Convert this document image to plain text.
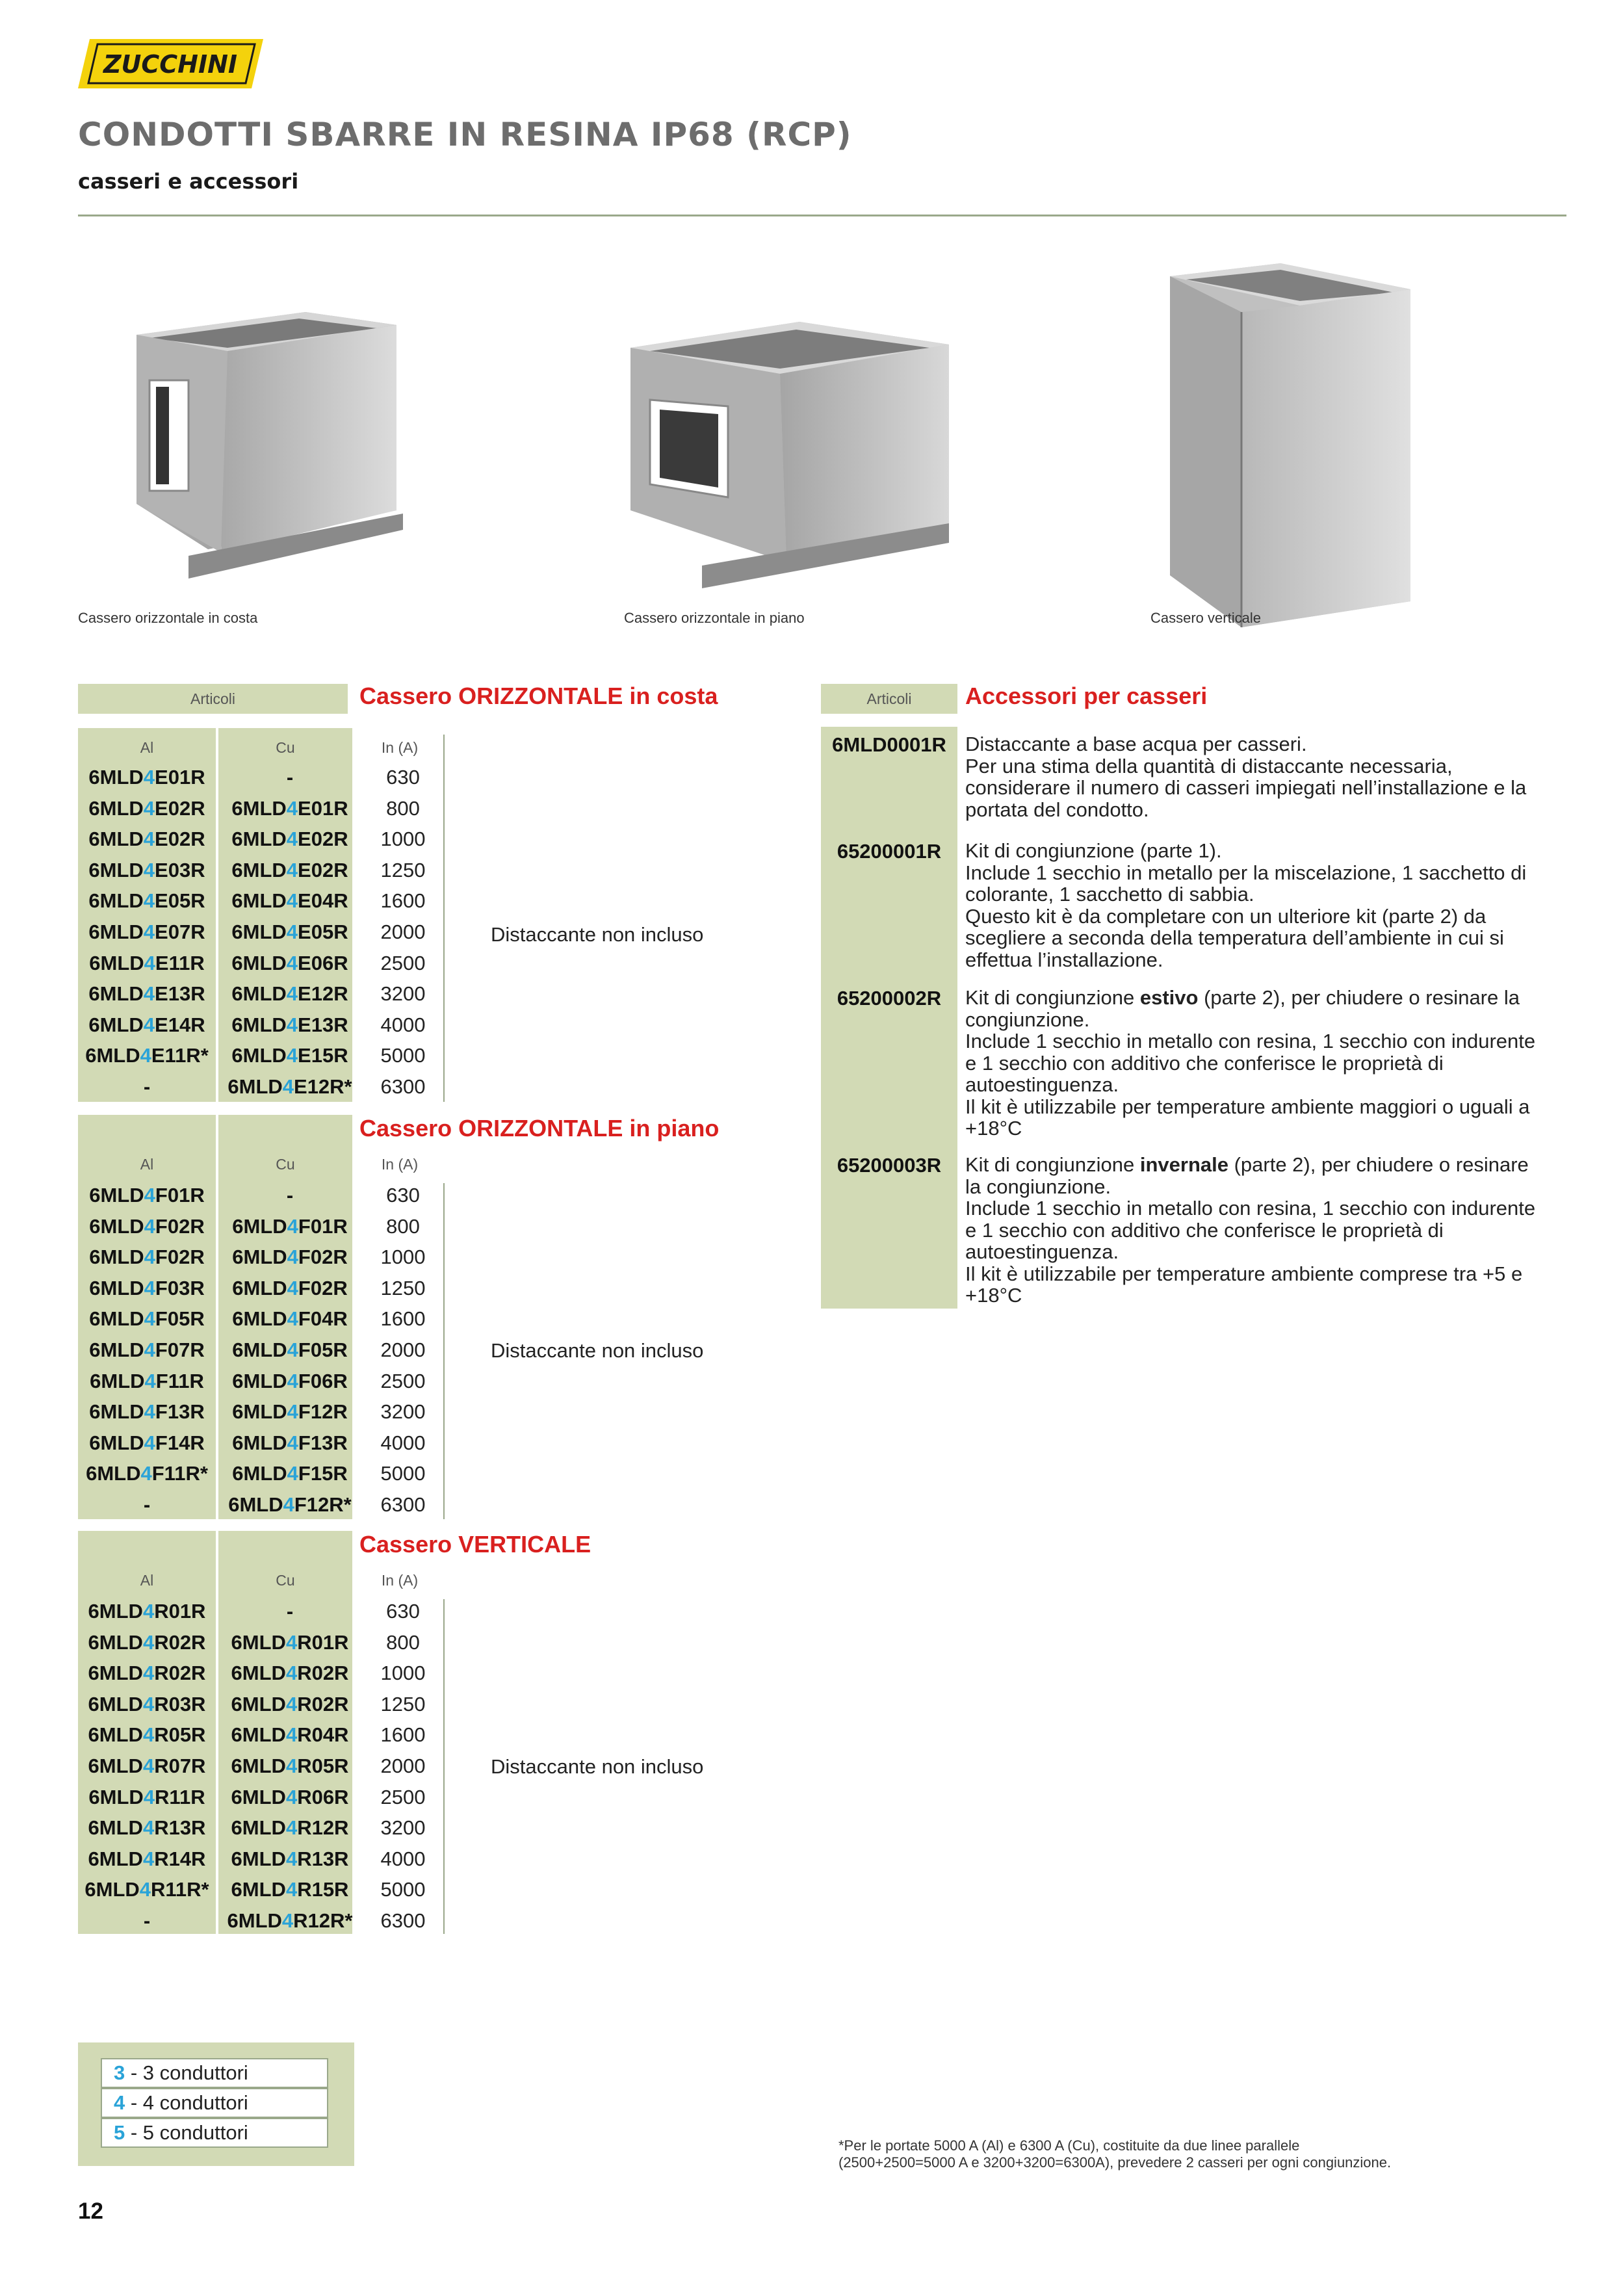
ZUCCHINI
CONDOTTI SBARRE IN RESINA IP68 (RCP)
casseri e accessori
Cassero orizzontale in costa	Cassero orizzontale in piano	Cassero verticale
Articoli	Cassero ORIZZONTALE in costa
Al	Cu	In (A)
6MLD4E01R	-	630
6MLD4E02R	6MLD4E01R	800
6MLD4E02R	6MLD4E02R	1000
6MLD4E03R	6MLD4E02R	1250
6MLD4E05R	6MLD4E04R	1600
6MLD4E07R	6MLD4E05R	2000
6MLD4E11R	6MLD4E06R	2500
6MLD4E13R	6MLD4E12R	3200
6MLD4E14R	6MLD4E13R	4000
6MLD4E11R*	6MLD4E15R	5000
-	6MLD4E12R*	6300
Distaccante non incluso
Cassero ORIZZONTALE in piano
Al	Cu	In (A)
6MLD4F01R	-	630
6MLD4F02R	6MLD4F01R	800
6MLD4F02R	6MLD4F02R	1000
6MLD4F03R	6MLD4F02R	1250
6MLD4F05R	6MLD4F04R	1600
6MLD4F07R	6MLD4F05R	2000
6MLD4F11R	6MLD4F06R	2500
6MLD4F13R	6MLD4F12R	3200
6MLD4F14R	6MLD4F13R	4000
6MLD4F11R*	6MLD4F15R	5000
-	6MLD4F12R*	6300
Distaccante non incluso
Cassero VERTICALE
Al	Cu	In (A)
6MLD4R01R	-	630
6MLD4R02R	6MLD4R01R	800
6MLD4R02R	6MLD4R02R	1000
6MLD4R03R	6MLD4R02R	1250
6MLD4R05R	6MLD4R04R	1600
6MLD4R07R	6MLD4R05R	2000
6MLD4R11R	6MLD4R06R	2500
6MLD4R13R	6MLD4R12R	3200
6MLD4R14R	6MLD4R13R	4000
6MLD4R11R*	6MLD4R15R	5000
-	6MLD4R12R*	6300
Distaccante non incluso
Articoli	Accessori per casseri
6MLD0001R Distaccante a base acqua per casseri.
Per una stima della quantità di distaccante necessaria, considerare il numero di casseri impiegati nell’installazione e la portata del condotto.
65200001R	Kit di congiunzione (parte 1).
Include 1 secchio in metallo per la miscelazione, 1 sacchetto di colorante, 1 sacchetto di sabbia.
Questo kit è da completare con un ulteriore kit (parte 2) da scegliere a seconda della temperatura dell’ambiente in cui si effettua l’installazione.
65200002R	Kit di congiunzione estivo (parte 2), per chiudere o resinare la congiunzione.
Include 1 secchio in metallo con resina, 1 secchio con indurente e 1 secchio con additivo che conferisce le proprietà di autoestinguenza.
Il kit è utilizzabile per temperature ambiente maggiori o uguali a +18°C
65200003R	Kit di congiunzione invernale (parte 2), per chiudere o resinare la congiunzione.
Include 1 secchio in metallo con resina, 1 secchio con indurente e 1 secchio con additivo che conferisce le proprietà di autoestinguenza.
Il kit è utilizzabile per temperature ambiente comprese tra +5 e +18°C
3 - 3 conduttori
4 - 4 conduttori
5 - 5 conduttori
*Per le portate 5000 A (Al) e 6300 A (Cu), costituite da due linee parallele
(2500+2500=5000 A e 3200+3200=6300A), prevedere 2 casseri per ogni congiunzione.
12
